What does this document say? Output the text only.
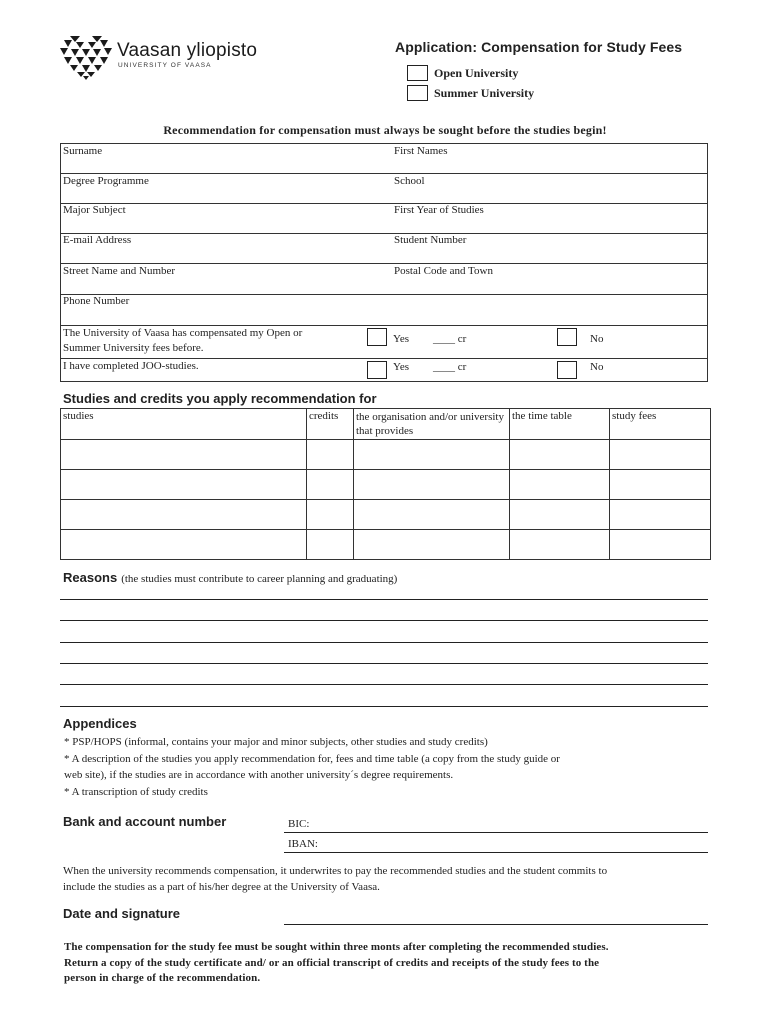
Vaasan yliopisto
UNIVERSITY OF VAASA
Application: Compensation for Study Fees
Open University
Summer University
Recommendation for compensation must always be sought before the studies begin!
Surname	First Names
Degree Programme	School
Major Subject	First Year of Studies
E-mail Address	Student Number
Street Name and Number	Postal Code and Town
Phone Number
The University of Vaasa has compensated my Open or
Summer University fees before.
Yes ____ cr	No
I have completed JOO-studies.	Yes ____ cr	No
Studies and credits you apply recommendation for
studies	credits	the organisation and/or university that provides	the time table	study fees

Reasons (the studies must contribute to career planning and graduating)
Appendices
* PSP/HOPS (informal, contains your major and minor subjects, other studies and study credits)
* A description of the studies you apply recommendation for, fees and time table (a copy from the study guide or
web site), if the studies are in accordance with another university´s degree requirements.
* A transcription of study credits
Bank and account number	BIC:
IBAN:
When the university recommends compensation, it underwrites to pay the recommended studies and the student commits to
include the studies as a part of his/her degree at the University of Vaasa.
Date and signature
The compensation for the study fee must be sought within three monts after completing the recommended studies.
Return a copy of the study certificate and/ or an official transcript of credits and receipts of the study fees to the
person in charge of the recommendation.
